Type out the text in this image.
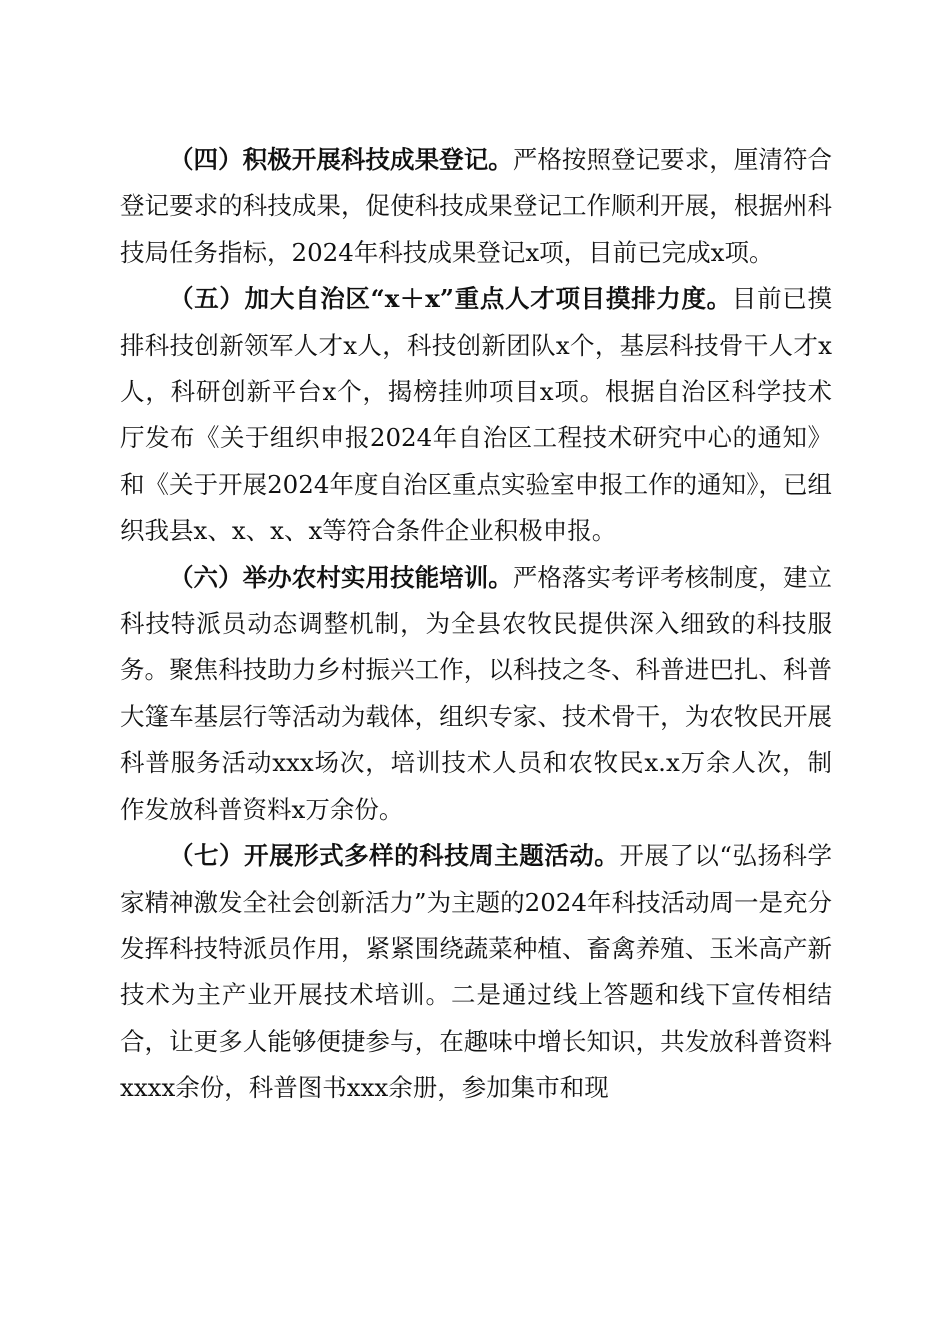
（四）积极开展科技成果登记。严格按照登记要求，厘清符合登记要求的科技成果，促使科技成果登记工作顺利开展，根据州科技局任务指标，2024年科技成果登记x项，目前已完成x项。

（五）加大自治区“x＋x”重点人才项目摸排力度。目前已摸排科技创新领军人才x人，科技创新团队x个，基层科技骨干人才x人，科研创新平台x个，揭榜挂帅项目x项。根据自治区科学技术厅发布《关于组织申报2024年自治区工程技术研究中心的通知》和《关于开展2024年度自治区重点实验室申报工作的通知》，已组织我县x、x、x、x等符合条件企业积极申报。

（六）举办农村实用技能培训。严格落实考评考核制度，建立科技特派员动态调整机制，为全县农牧民提供深入细致的科技服务。聚焦科技助力乡村振兴工作，以科技之冬、科普进巴扎、科普大篷车基层行等活动为载体，组织专家、技术骨干，为农牧民开展科普服务活动xxx场次，培训技术人员和农牧民x.x万余人次，制作发放科普资料x万余份。

（七）开展形式多样的科技周主题活动。开展了以“弘扬科学家精神激发全社会创新活力”为主题的2024年科技活动周一是充分发挥科技特派员作用，紧紧围绕蔬菜种植、畜禽养殖、玉米高产新技术为主产业开展技术培训。二是通过线上答题和线下宣传相结合，让更多人能够便捷参与，在趣味中增长知识，共发放科普资料xxxx余份，科普图书xxx余册，参加集市和现
